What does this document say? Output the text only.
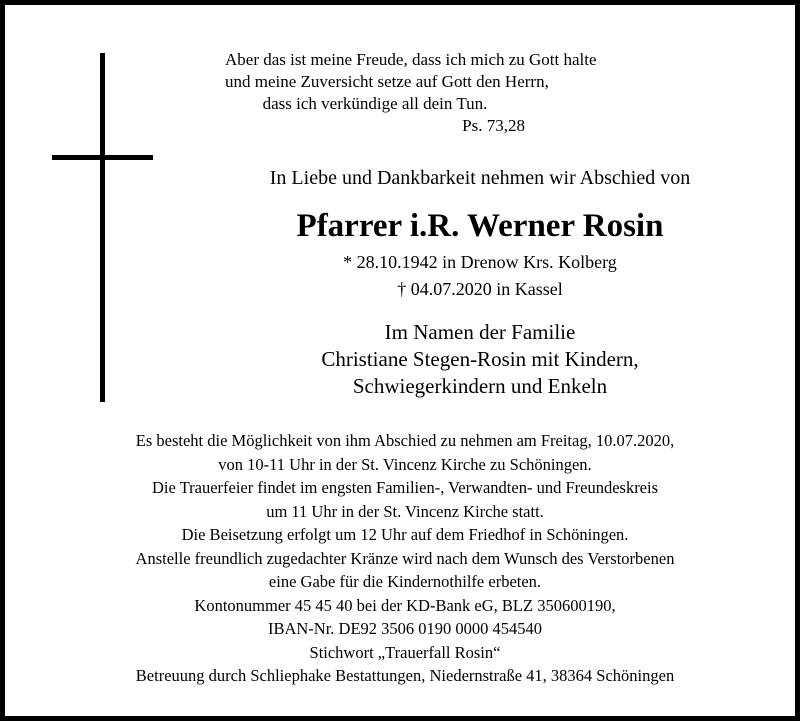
Aber das ist meine Freude, dass ich mich zu Gott halte
und meine Zuversicht setze auf Gott den Herrn,
dass ich verkündige all dein Tun.
Ps. 73,28
In Liebe und Dankbarkeit nehmen wir Abschied von
Pfarrer i.R. Werner Rosin
* 28.10.1942 in Drenow Krs. Kolberg
† 04.07.2020 in Kassel
Im Namen der Familie
Christiane Stegen-Rosin mit Kindern,
Schwiegerkindern und Enkeln
Es besteht die Möglichkeit von ihm Abschied zu nehmen am Freitag, 10.07.2020,
von 10-11 Uhr in der St. Vincenz Kirche zu Schöningen.
Die Trauerfeier findet im engsten Familien-, Verwandten- und Freundeskreis
um 11 Uhr in der St. Vincenz Kirche statt.
Die Beisetzung erfolgt um 12 Uhr auf dem Friedhof in Schöningen.
Anstelle freundlich zugedachter Kränze wird nach dem Wunsch des Verstorbenen
eine Gabe für die Kindernothilfe erbeten.
Kontonummer 45 45 40 bei der KD-Bank eG, BLZ 350600190,
IBAN-Nr. DE92 3506 0190 0000 454540
Stichwort „Trauerfall Rosin“
Betreuung durch Schliephake Bestattungen, Niedernstraße 41, 38364 Schöningen
